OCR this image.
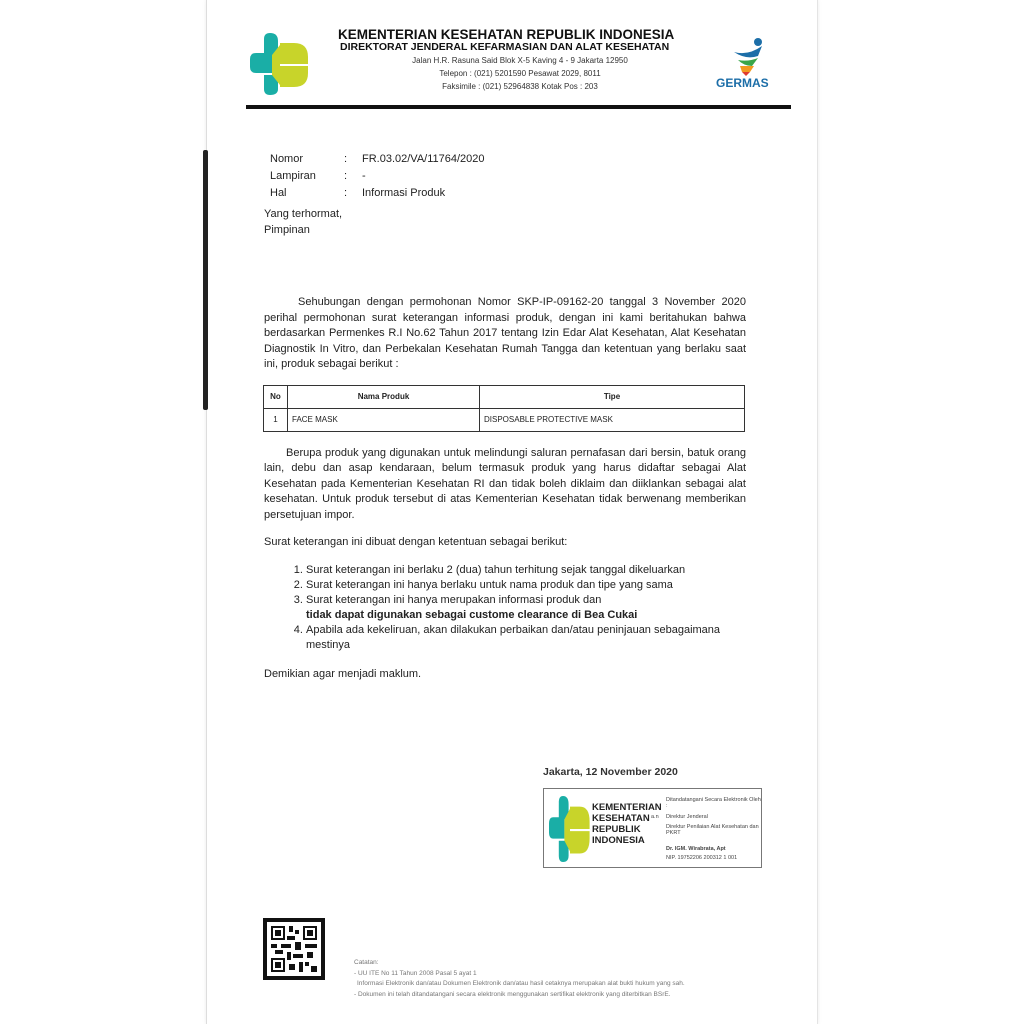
KEMENTERIAN KESEHATAN REPUBLIK INDONESIA
DIREKTORAT JENDERAL KEFARMASIAN DAN ALAT KESEHATAN
Jalan H.R. Rasuna Said Blok X-5 Kaving 4 - 9 Jakarta 12950
Telepon : (021) 5201590 Pesawat 2029, 8011
Faksimile : (021) 52964838 Kotak Pos : 203	GERMAS
Nomor	:	FR.03.02/VA/11764/2020
Lampiran	:	-
Hal	:	Informasi Produk
Yang terhormat,
Pimpinan
Sehubungan dengan permohonan Nomor SKP-IP-09162-20 tanggal 3 November 2020 perihal permohonan surat keterangan informasi produk, dengan ini kami beritahukan bahwa berdasarkan Permenkes R.I No.62 Tahun 2017 tentang Izin Edar Alat Kesehatan, Alat Kesehatan Diagnostik In Vitro, dan Perbekalan Kesehatan Rumah Tangga dan ketentuan yang berlaku saat ini, produk sebagai berikut :
No	Nama Produk	Tipe
1	FACE MASK	DISPOSABLE PROTECTIVE MASK
Berupa produk yang digunakan untuk melindungi saluran pernafasan dari bersin, batuk orang lain, debu dan asap kendaraan, belum termasuk produk yang harus didaftar sebagai Alat Kesehatan pada Kementerian Kesehatan RI dan tidak boleh diklaim dan diiklankan sebagai alat kesehatan. Untuk produk tersebut di atas Kementerian Kesehatan tidak berwenang memberikan persetujuan impor.
Surat keterangan ini dibuat dengan ketentuan sebagai berikut:
1. Surat keterangan ini berlaku 2 (dua) tahun terhitung sejak tanggal dikeluarkan
2. Surat keterangan ini hanya berlaku untuk nama produk dan tipe yang sama
3. Surat keterangan ini hanya merupakan informasi produk dan
tidak dapat digunakan sebagai custome clearance di Bea Cukai
4. Apabila ada kekeliruan, akan dilakukan perbaikan dan/atau peninjauan sebagaimana mestinya
Demikian agar menjadi maklum.
Jakarta, 12 November 2020
KEMENTERIAN
KESEHATAN
REPUBLIK
INDONESIA
Ditandatangani Secara Elektronik Oleh :
a.n Direktur Jenderal
Direktur Penilaian Alat Kesehatan dan PKRT
Dr. IGM. Wirabrata, Apt
NIP. 19752206 200312 1 001
Catatan:
- UU ITE No 11 Tahun 2008 Pasal 5 ayat 1
Informasi Elektronik dan/atau Dokumen Elektronik dan/atau hasil cetaknya merupakan alat bukti hukum yang sah.
- Dokumen ini telah ditandatangani secara elektronik menggunakan sertifikat elektronik yang diterbitkan BSrE.
